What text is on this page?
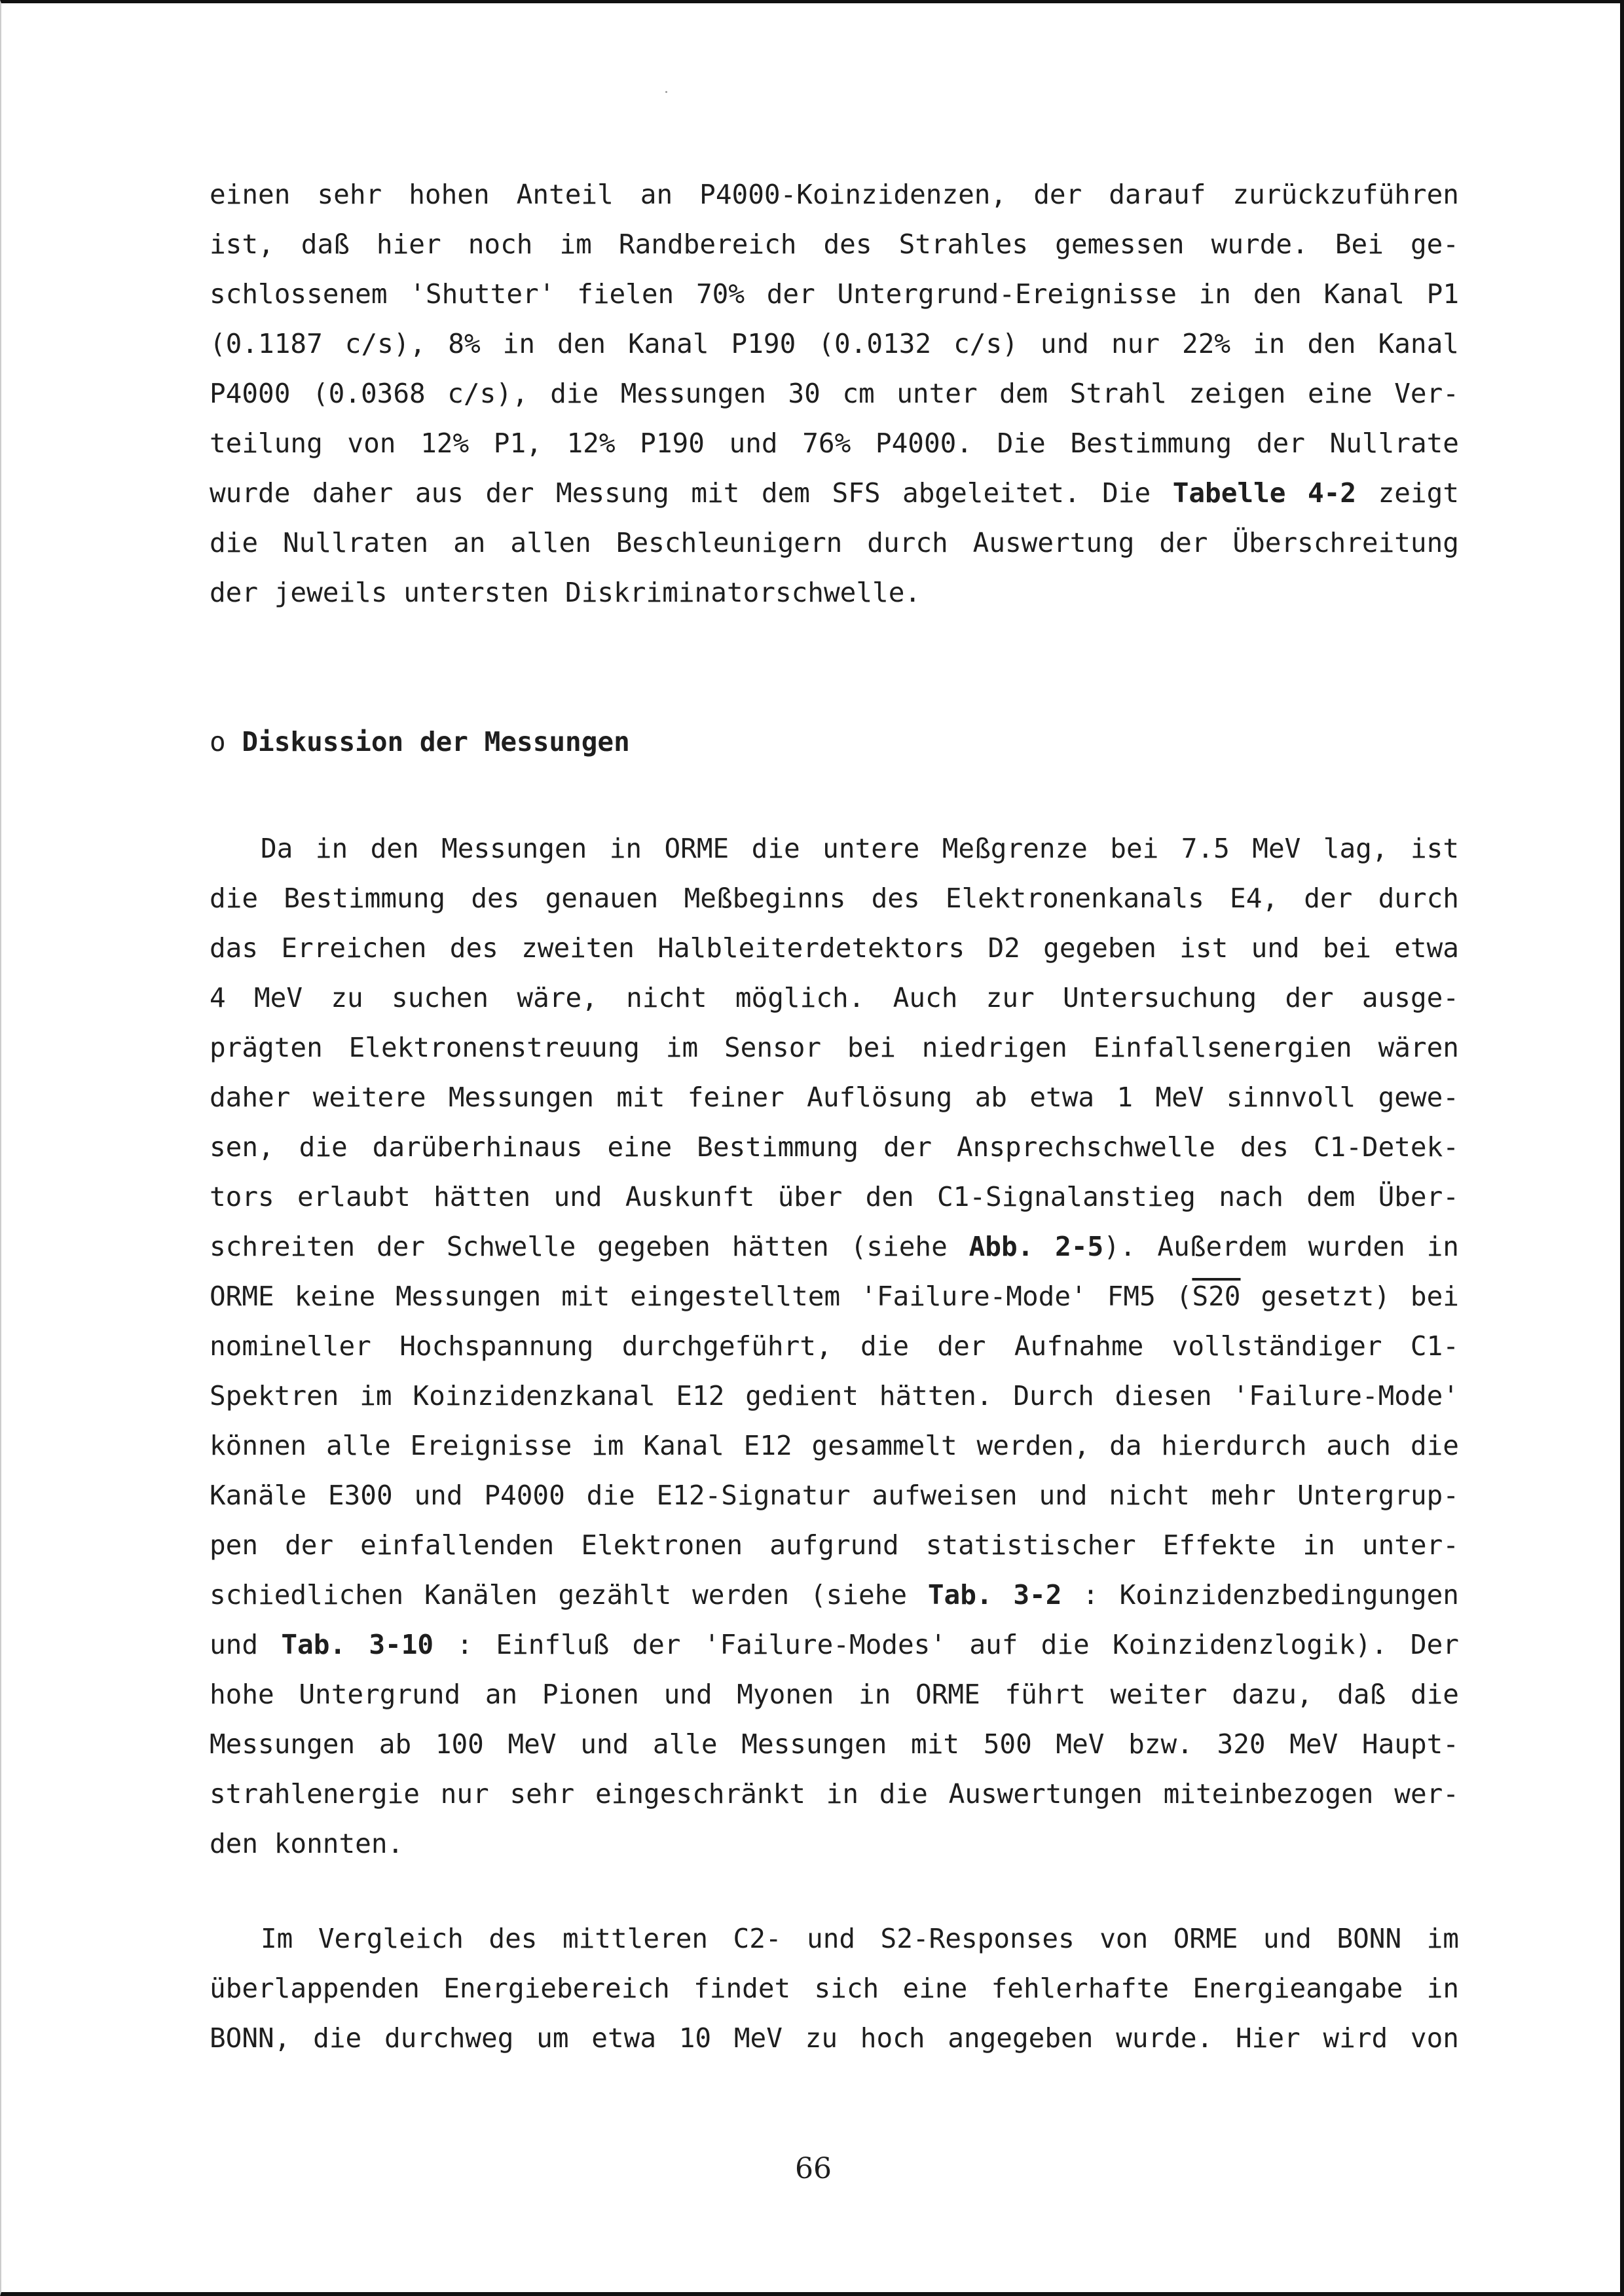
einen sehr hohen Anteil an P4000-Koinzidenzen, der darauf zurückzuführen
ist, daß hier noch im Randbereich des Strahles gemessen wurde. Bei ge-
schlossenem 'Shutter' fielen 70% der Untergrund-Ereignisse in den Kanal P1
(0.1187 c/s), 8% in den Kanal P190 (0.0132 c/s) und nur 22% in den Kanal
P4000 (0.0368 c/s), die Messungen 30 cm unter dem Strahl zeigen eine Ver-
teilung von 12% P1, 12% P190 und 76% P4000. Die Bestimmung der Nullrate
wurde daher aus der Messung mit dem SFS abgeleitet. Die Tabelle 4-2 zeigt
die Nullraten an allen Beschleunigern durch Auswertung der Überschreitung
der jeweils untersten Diskriminatorschwelle.
o Diskussion der Messungen
Da in den Messungen in ORME die untere Meßgrenze bei 7.5 MeV lag, ist
die Bestimmung des genauen Meßbeginns des Elektronenkanals E4, der durch
das Erreichen des zweiten Halbleiterdetektors D2 gegeben ist und bei etwa
4 MeV zu suchen wäre, nicht möglich. Auch zur Untersuchung der ausge-
prägten Elektronenstreuung im Sensor bei niedrigen Einfallsenergien wären
daher weitere Messungen mit feiner Auflösung ab etwa 1 MeV sinnvoll gewe-
sen, die darüberhinaus eine Bestimmung der Ansprechschwelle des C1-Detek-
tors erlaubt hätten und Auskunft über den C1-Signalanstieg nach dem Über-
schreiten der Schwelle gegeben hätten (siehe Abb. 2-5). Außerdem wurden in
ORME keine Messungen mit eingestelltem 'Failure-Mode' FM5 (S20 gesetzt) bei
nomineller Hochspannung durchgeführt, die der Aufnahme vollständiger C1-
Spektren im Koinzidenzkanal E12 gedient hätten. Durch diesen 'Failure-Mode'
können alle Ereignisse im Kanal E12 gesammelt werden, da hierdurch auch die
Kanäle E300 und P4000 die E12-Signatur aufweisen und nicht mehr Untergrup-
pen der einfallenden Elektronen aufgrund statistischer Effekte in unter-
schiedlichen Kanälen gezählt werden (siehe Tab. 3-2 : Koinzidenzbedingungen
und Tab. 3-10 : Einfluß der 'Failure-Modes' auf die Koinzidenzlogik). Der
hohe Untergrund an Pionen und Myonen in ORME führt weiter dazu, daß die
Messungen ab 100 MeV und alle Messungen mit 500 MeV bzw. 320 MeV Haupt-
strahlenergie nur sehr eingeschränkt in die Auswertungen miteinbezogen wer-
den konnten.
Im Vergleich des mittleren C2- und S2-Responses von ORME und BONN im
überlappenden Energiebereich findet sich eine fehlerhafte Energieangabe in
BONN, die durchweg um etwa 10 MeV zu hoch angegeben wurde. Hier wird von
66
